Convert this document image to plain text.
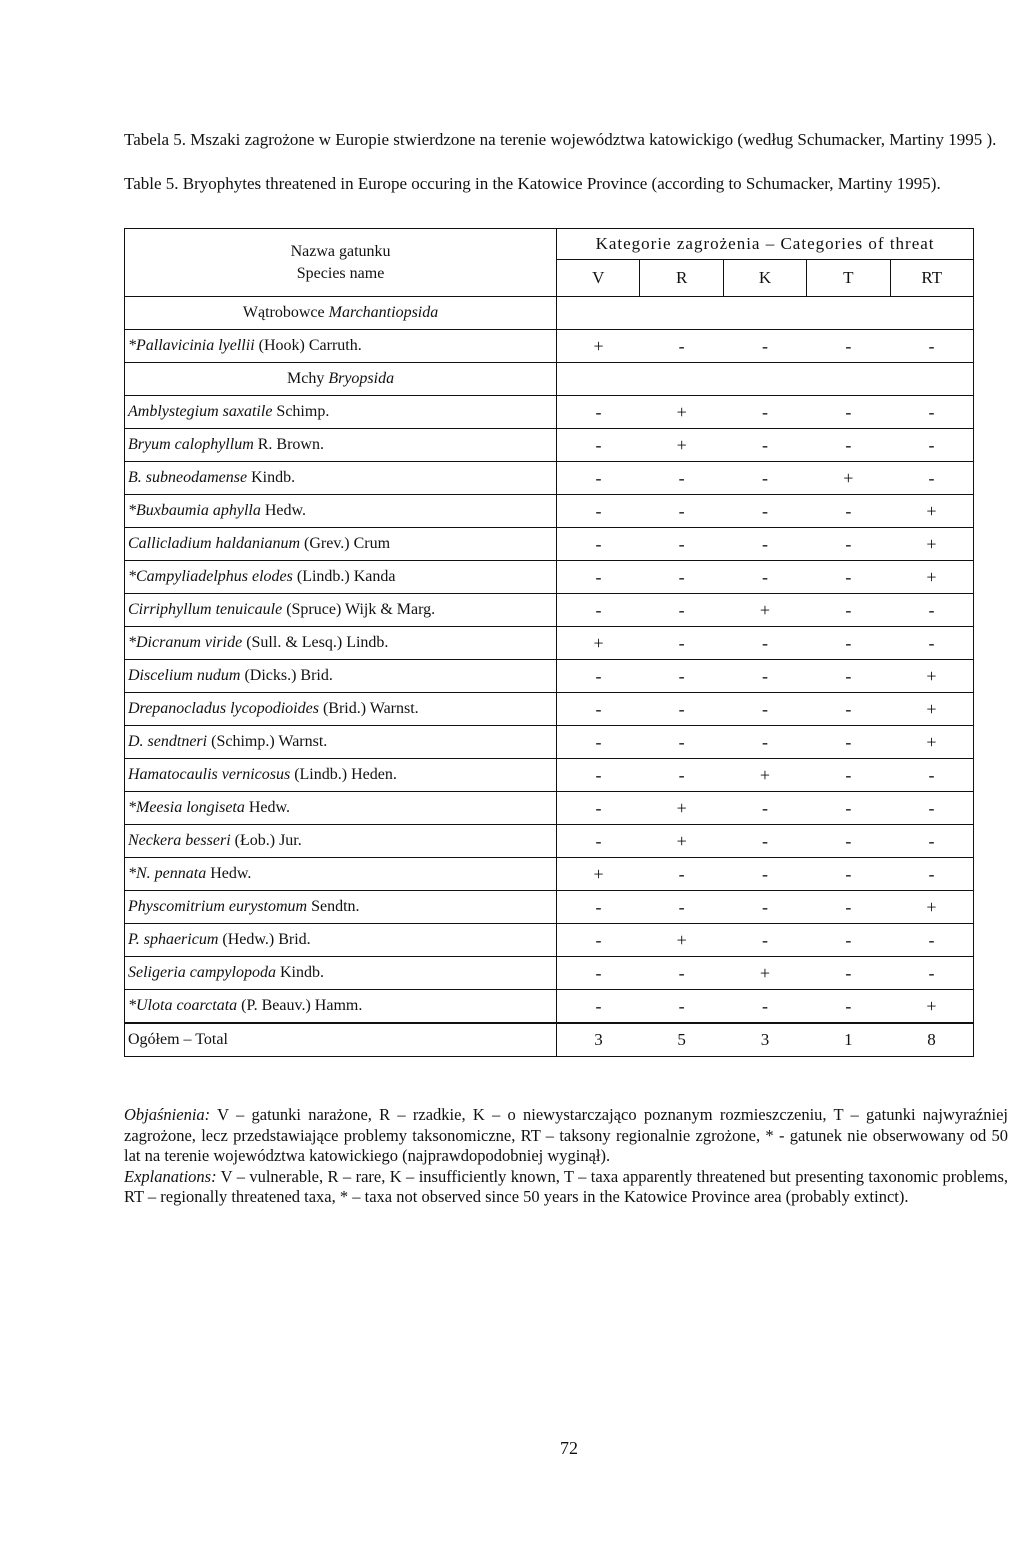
Tabela 5. Mszaki zagrożone w Europie stwierdzone na terenie województwa katowickigo (według Schumacker, Martiny 1995 ).

Table 5. Bryophytes threatened in Europe occuring in the Katowice Province (according to Schumacker, Martiny 1995).

Nazwa gatunku
Species name	Kategorie zagrożenia – Categories of threat				
	V	R	K	T	RT
Wątrobowce Marchantiopsida					
*Pallavicinia lyellii (Hook) Carruth.	+	-	-	-	-
Mchy Bryopsida					
Amblystegium saxatile Schimp.	-	+	-	-	-
Bryum calophyllum R. Brown.	-	+	-	-	-
B. subneodamense Kindb.	-	-	-	+	-
*Buxbaumia aphylla Hedw.	-	-	-	-	+
Callicladium haldanianum (Grev.) Crum	-	-	-	-	+
*Campyliadelphus elodes (Lindb.) Kanda	-	-	-	-	+
Cirriphyllum tenuicaule (Spruce) Wijk & Marg.	-	-	+	-	-
*Dicranum viride (Sull. & Lesq.) Lindb.	+	-	-	-	-
Discelium nudum (Dicks.) Brid.	-	-	-	-	+
Drepanocladus lycopodioides (Brid.) Warnst.	-	-	-	-	+
D. sendtneri (Schimp.) Warnst.	-	-	-	-	+
Hamatocaulis vernicosus (Lindb.) Heden.	-	-	+	-	-
*Meesia longiseta Hedw.	-	+	-	-	-
Neckera besseri (Łob.) Jur.	-	+	-	-	-
*N. pennata Hedw.	+	-	-	-	-
Physcomitrium eurystomum Sendtn.	-	-	-	-	+
P. sphaericum (Hedw.) Brid.	-	+	-	-	-
Seligeria campylopoda Kindb.	-	-	+	-	-
*Ulota coarctata (P. Beauv.) Hamm.	-	-	-	-	+
Ogółem – Total	3	5	3	1	8

Objaśnienia: V – gatunki narażone, R – rzadkie, K – o niewystarczająco poznanym rozmieszczeniu, T – gatunki najwyraźniej zagrożone, lecz przedstawiające problemy taksonomiczne, RT – taksony regionalnie zgrożone, * - gatunek nie obserwowany od 50 lat na terenie województwa katowickiego (najprawdopodobniej wyginął).
Explanations: V – vulnerable, R – rare, K – insufficiently known, T – taxa apparently threatened but presenting taxonomic problems, RT – regionally threatened taxa, * – taxa not observed since 50 years in the Katowice Province area (probably extinct).

72
